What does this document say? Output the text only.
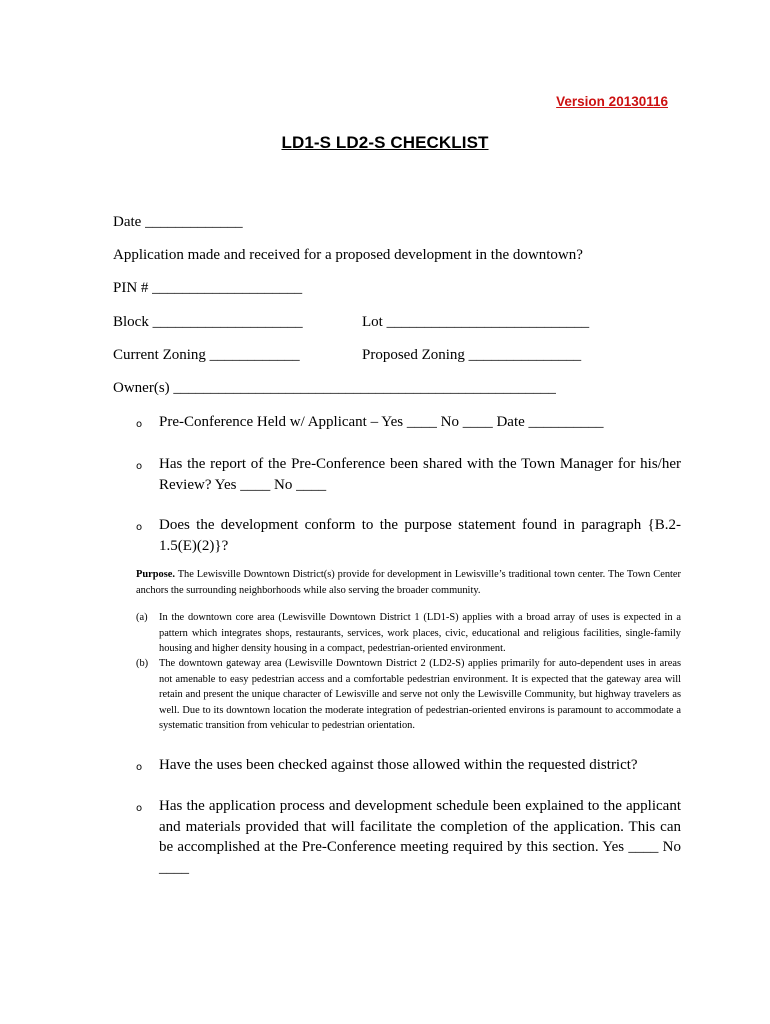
Version 20130116
LD1-S LD2-S CHECKLIST
Date _____________
Application made and received for a proposed development in the downtown?
PIN # ____________________
Block ____________________	Lot ___________________________
Current Zoning ____________	Proposed Zoning _______________
Owner(s) ___________________________________________________
o Pre-Conference Held w/ Applicant – Yes ____ No ____ Date __________
o Has the report of the Pre-Conference been shared with the Town Manager for his/her Review? Yes ____ No ____
o Does the development conform to the purpose statement found in paragraph {B.2-1.5(E)(2)}?
Purpose. The Lewisville Downtown District(s) provide for development in Lewisville’s traditional town center. The Town Center anchors the surrounding neighborhoods while also serving the broader community.
(a) In the downtown core area (Lewisville Downtown District 1 (LD1-S) applies with a broad array of uses is expected in a pattern which integrates shops, restaurants, services, work places, civic, educational and religious facilities, single-family housing and higher density housing in a compact, pedestrian-oriented environment.
(b) The downtown gateway area (Lewisville Downtown District 2 (LD2-S) applies primarily for auto-dependent uses in areas not amenable to easy pedestrian access and a comfortable pedestrian environment. It is expected that the gateway area will retain and present the unique character of Lewisville and serve not only the Lewisville Community, but highway travelers as well. Due to its downtown location the moderate integration of pedestrian-oriented environs is paramount to accommodate a systematic transition from vehicular to pedestrian orientation.
o Have the uses been checked against those allowed within the requested district?
o Has the application process and development schedule been explained to the applicant and materials provided that will facilitate the completion of the application. This can be accomplished at the Pre-Conference meeting required by this section. Yes ____ No ____
